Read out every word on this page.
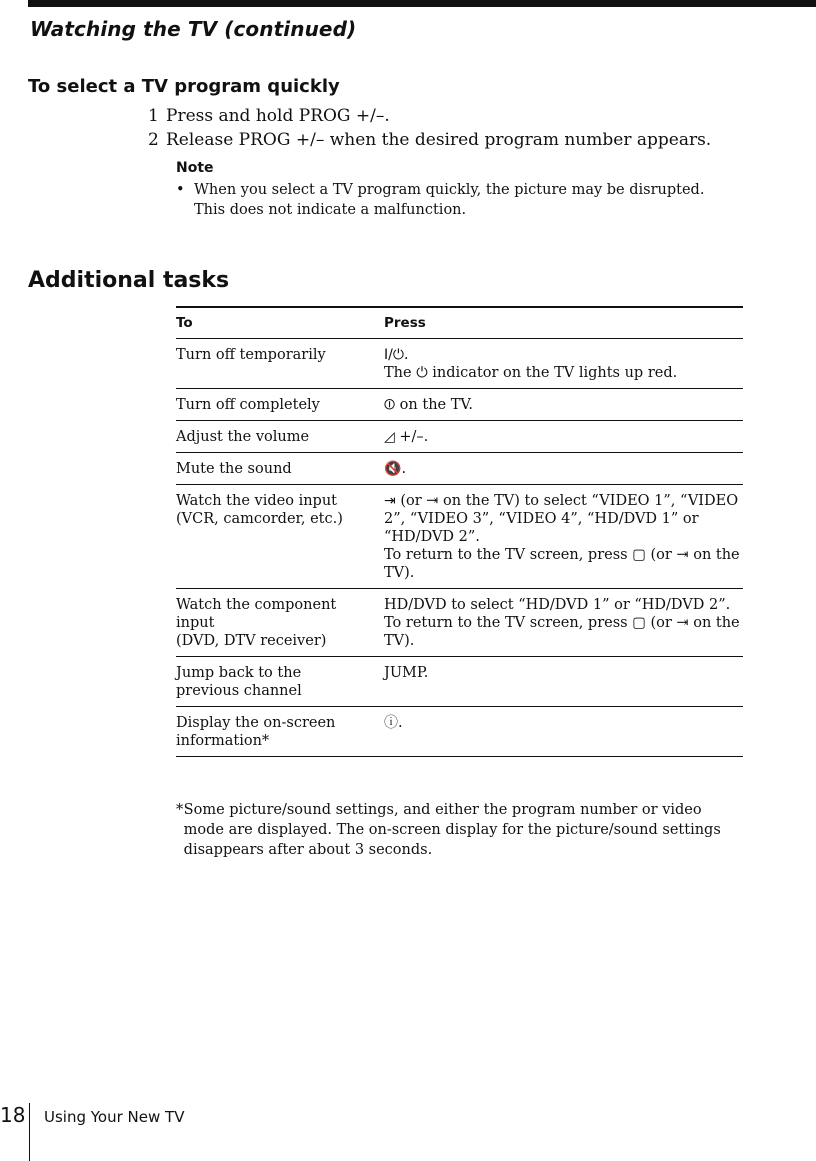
Watching the TV (continued)
To select a TV program quickly
1 Press and hold PROG +/–.
2 Release PROG +/– when the desired program number appears.
Note
• When you select a TV program quickly, the picture may be disrupted.
This does not indicate a malfunction.
Additional tasks
To	Press
Turn off temporarily	I/⏻.
The ⏻ indicator on the TV lights up red.
Turn off completely	⏼ on the TV.
Adjust the volume	◿ +/–.
Mute the sound	🔇.
Watch the video input
(VCR, camcorder, etc.)
⇥ (or ⇥ on the TV) to select “VIDEO 1”, “VIDEO 2”, “VIDEO 3”, “VIDEO 4”, “HD/DVD 1” or “HD/DVD 2”.
To return to the TV screen, press ▢ (or ⇥ on the TV).
Watch the component
input
(DVD, DTV receiver)
HD/DVD to select “HD/DVD 1” or “HD/DVD 2”.
To return to the TV screen, press ▢ (or ⇥ on the TV).
Jump back to the
previous channel
JUMP.
Display the on-screen
information*
ⓘ.
* Some picture/sound settings, and either the program number or video mode are displayed. The on-screen display for the picture/sound settings disappears after about 3 seconds.
18 Using Your New TV
